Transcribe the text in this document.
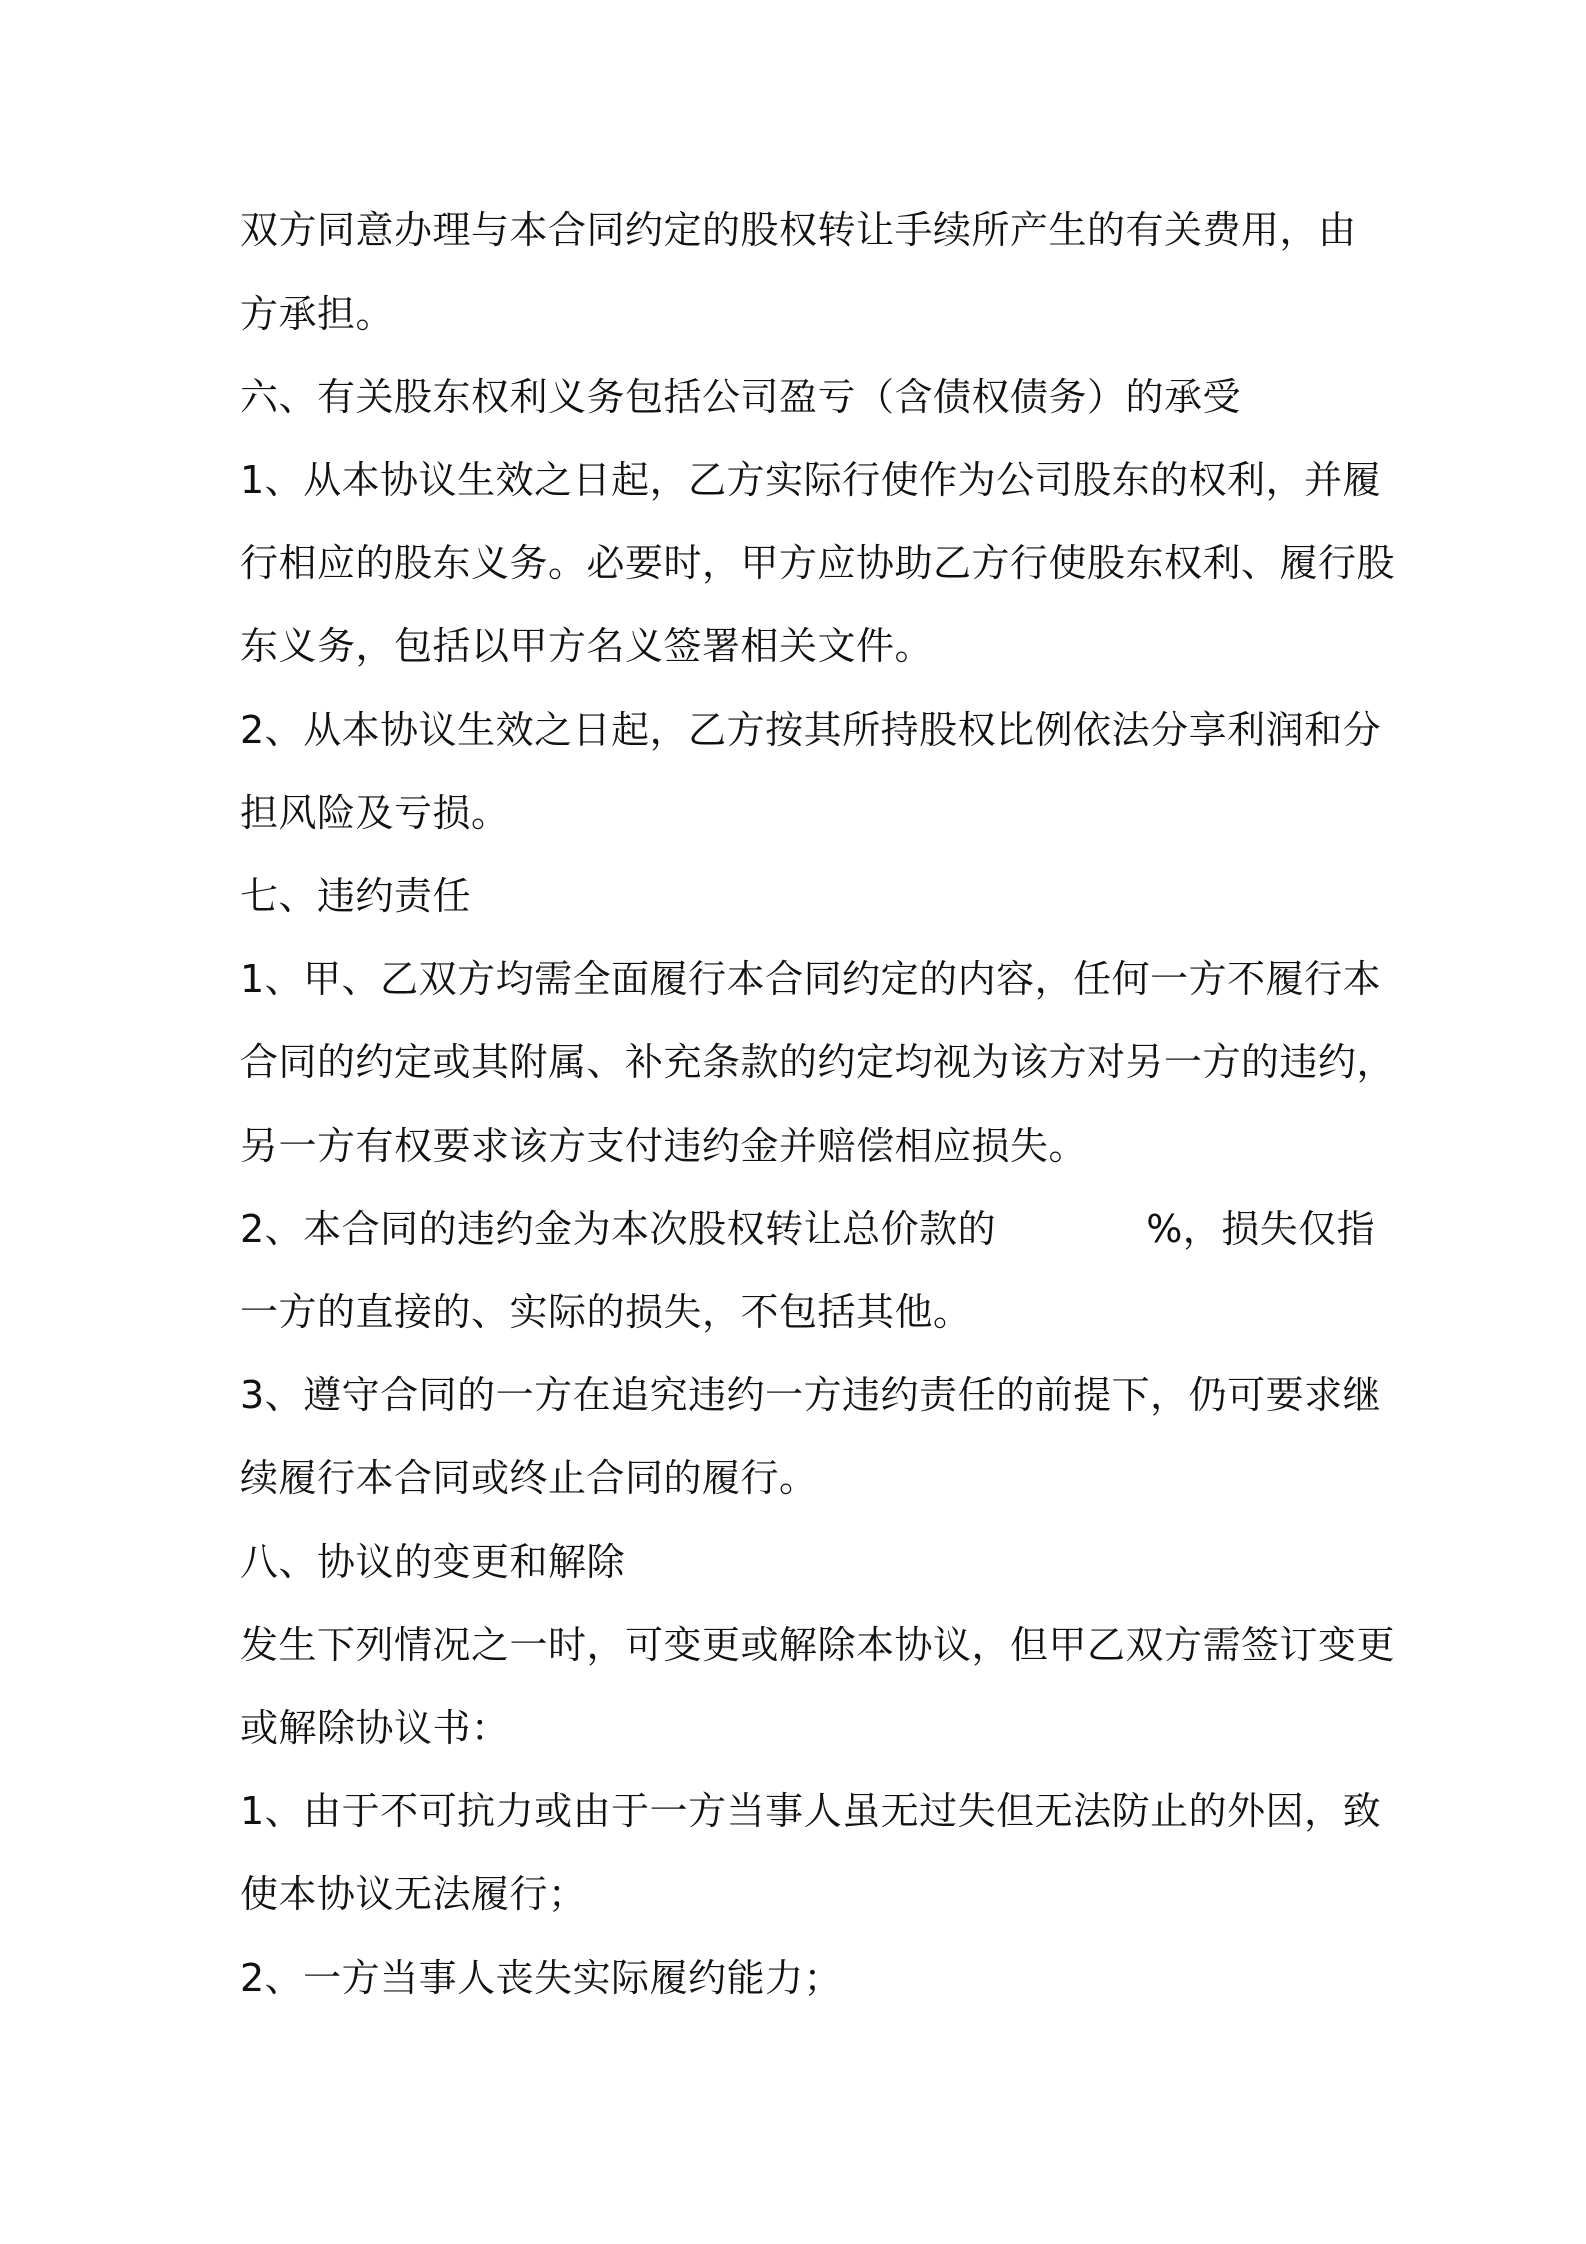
双方同意办理与本合同约定的股权转让手续所产生的有关费用，由
方承担。
六、有关股东权利义务包括公司盈亏（含债权债务）的承受
1、从本协议生效之日起，乙方实际行使作为公司股东的权利，并履
行相应的股东义务。必要时，甲方应协助乙方行使股东权利、履行股
东义务，包括以甲方名义签署相关文件。
2、从本协议生效之日起，乙方按其所持股权比例依法分享利润和分
担风险及亏损。
七、违约责任
1、甲、乙双方均需全面履行本合同约定的内容，任何一方不履行本
合同的约定或其附属、补充条款的约定均视为该方对另一方的违约，
另一方有权要求该方支付违约金并赔偿相应损失。
2、本合同的违约金为本次股权转让总价款的	%，损失仅指
一方的直接的、实际的损失，不包括其他。
3、遵守合同的一方在追究违约一方违约责任的前提下，仍可要求继
续履行本合同或终止合同的履行。
八、协议的变更和解除
发生下列情况之一时，可变更或解除本协议，但甲乙双方需签订变更
或解除协议书：
1、由于不可抗力或由于一方当事人虽无过失但无法防止的外因，致
使本协议无法履行；
2、一方当事人丧失实际履约能力；
